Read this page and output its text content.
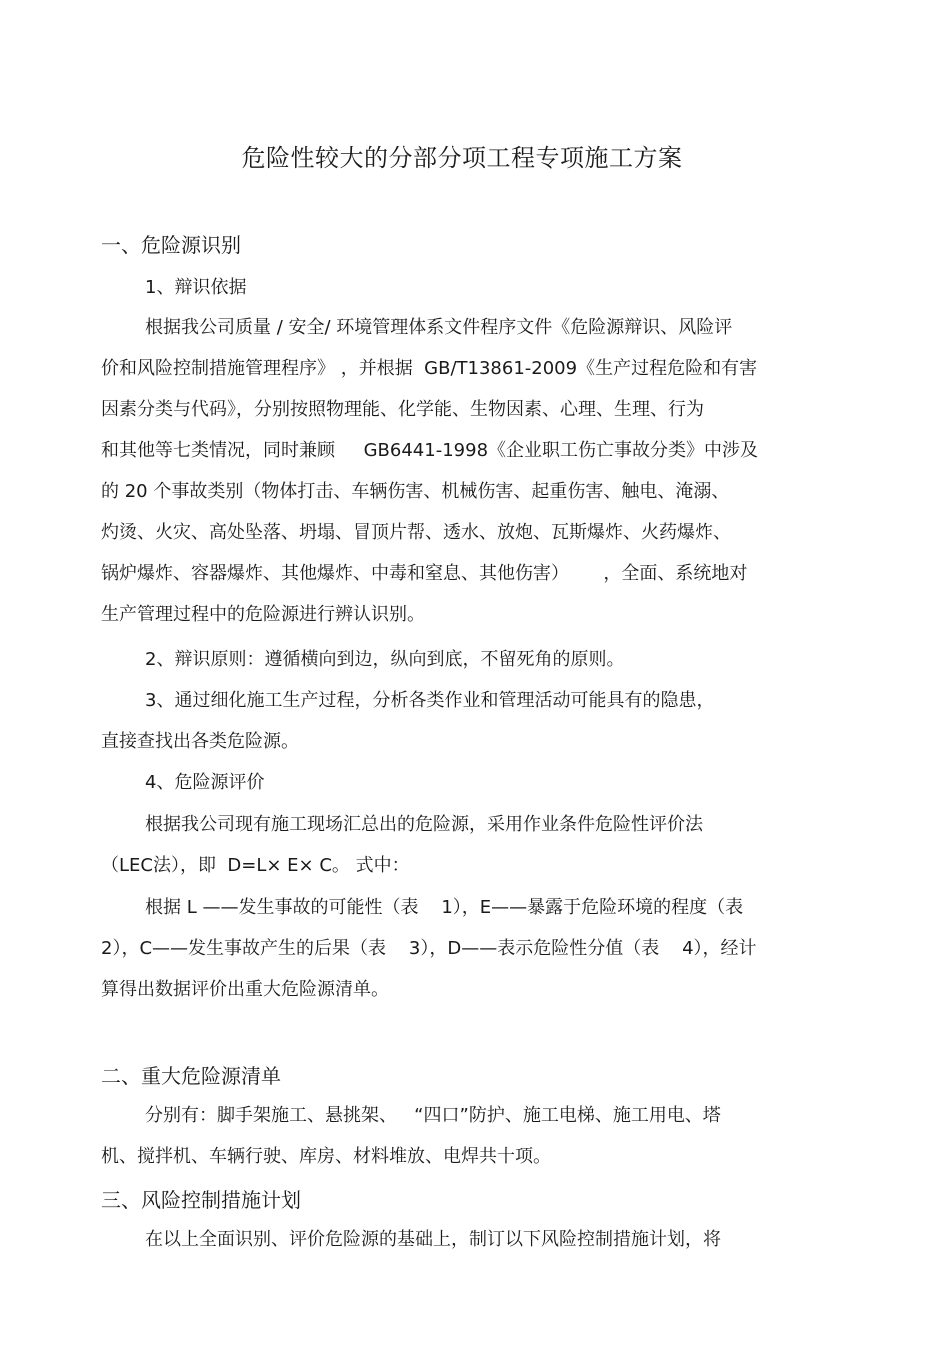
危险性较大的分部分项工程专项施工方案
一、危险源识别
1、辩识依据
根据我公司质量 / 安全/ 环境管理体系文件程序文件《危险源辩识、风险评
价和风险控制措施管理程序》 ，并根据  GB/T13861-2009《生产过程危险和有害
因素分类与代码》，分别按照物理能、化学能、生物因素、心理、生理、行为
和其他等七类情况，同时兼顾     GB6441-1998《企业职工伤亡事故分类》中涉及
的 20 个事故类别（物体打击、车辆伤害、机械伤害、起重伤害、触电、淹溺、
灼烫、火灾、高处坠落、坍塌、冒顶片帮、透水、放炮、瓦斯爆炸、火药爆炸、
锅炉爆炸、容器爆炸、其他爆炸、中毒和窒息、其他伤害）      ，全面、系统地对
生产管理过程中的危险源进行辨认识别。
2、辩识原则：遵循横向到边，纵向到底，不留死角的原则。
3、通过细化施工生产过程，分析各类作业和管理活动可能具有的隐患，
直接查找出各类危险源。
4、危险源评价
根据我公司现有施工现场汇总出的危险源，采用作业条件危险性评价法
（LEC法），即  D=L× E× C。 式中：
根据 L ——发生事故的可能性（表    1），E——暴露于危险环境的程度（表
2），C——发生事故产生的后果（表    3），D——表示危险性分值（表    4），经计
算得出数据评价出重大危险源清单。
二、重大危险源清单
分别有：脚手架施工、悬挑架、   “四口”防护、施工电梯、施工用电、塔
机、搅拌机、车辆行驶、库房、材料堆放、电焊共十项。
三、风险控制措施计划
在以上全面识别、评价危险源的基础上，制订以下风险控制措施计划，将
